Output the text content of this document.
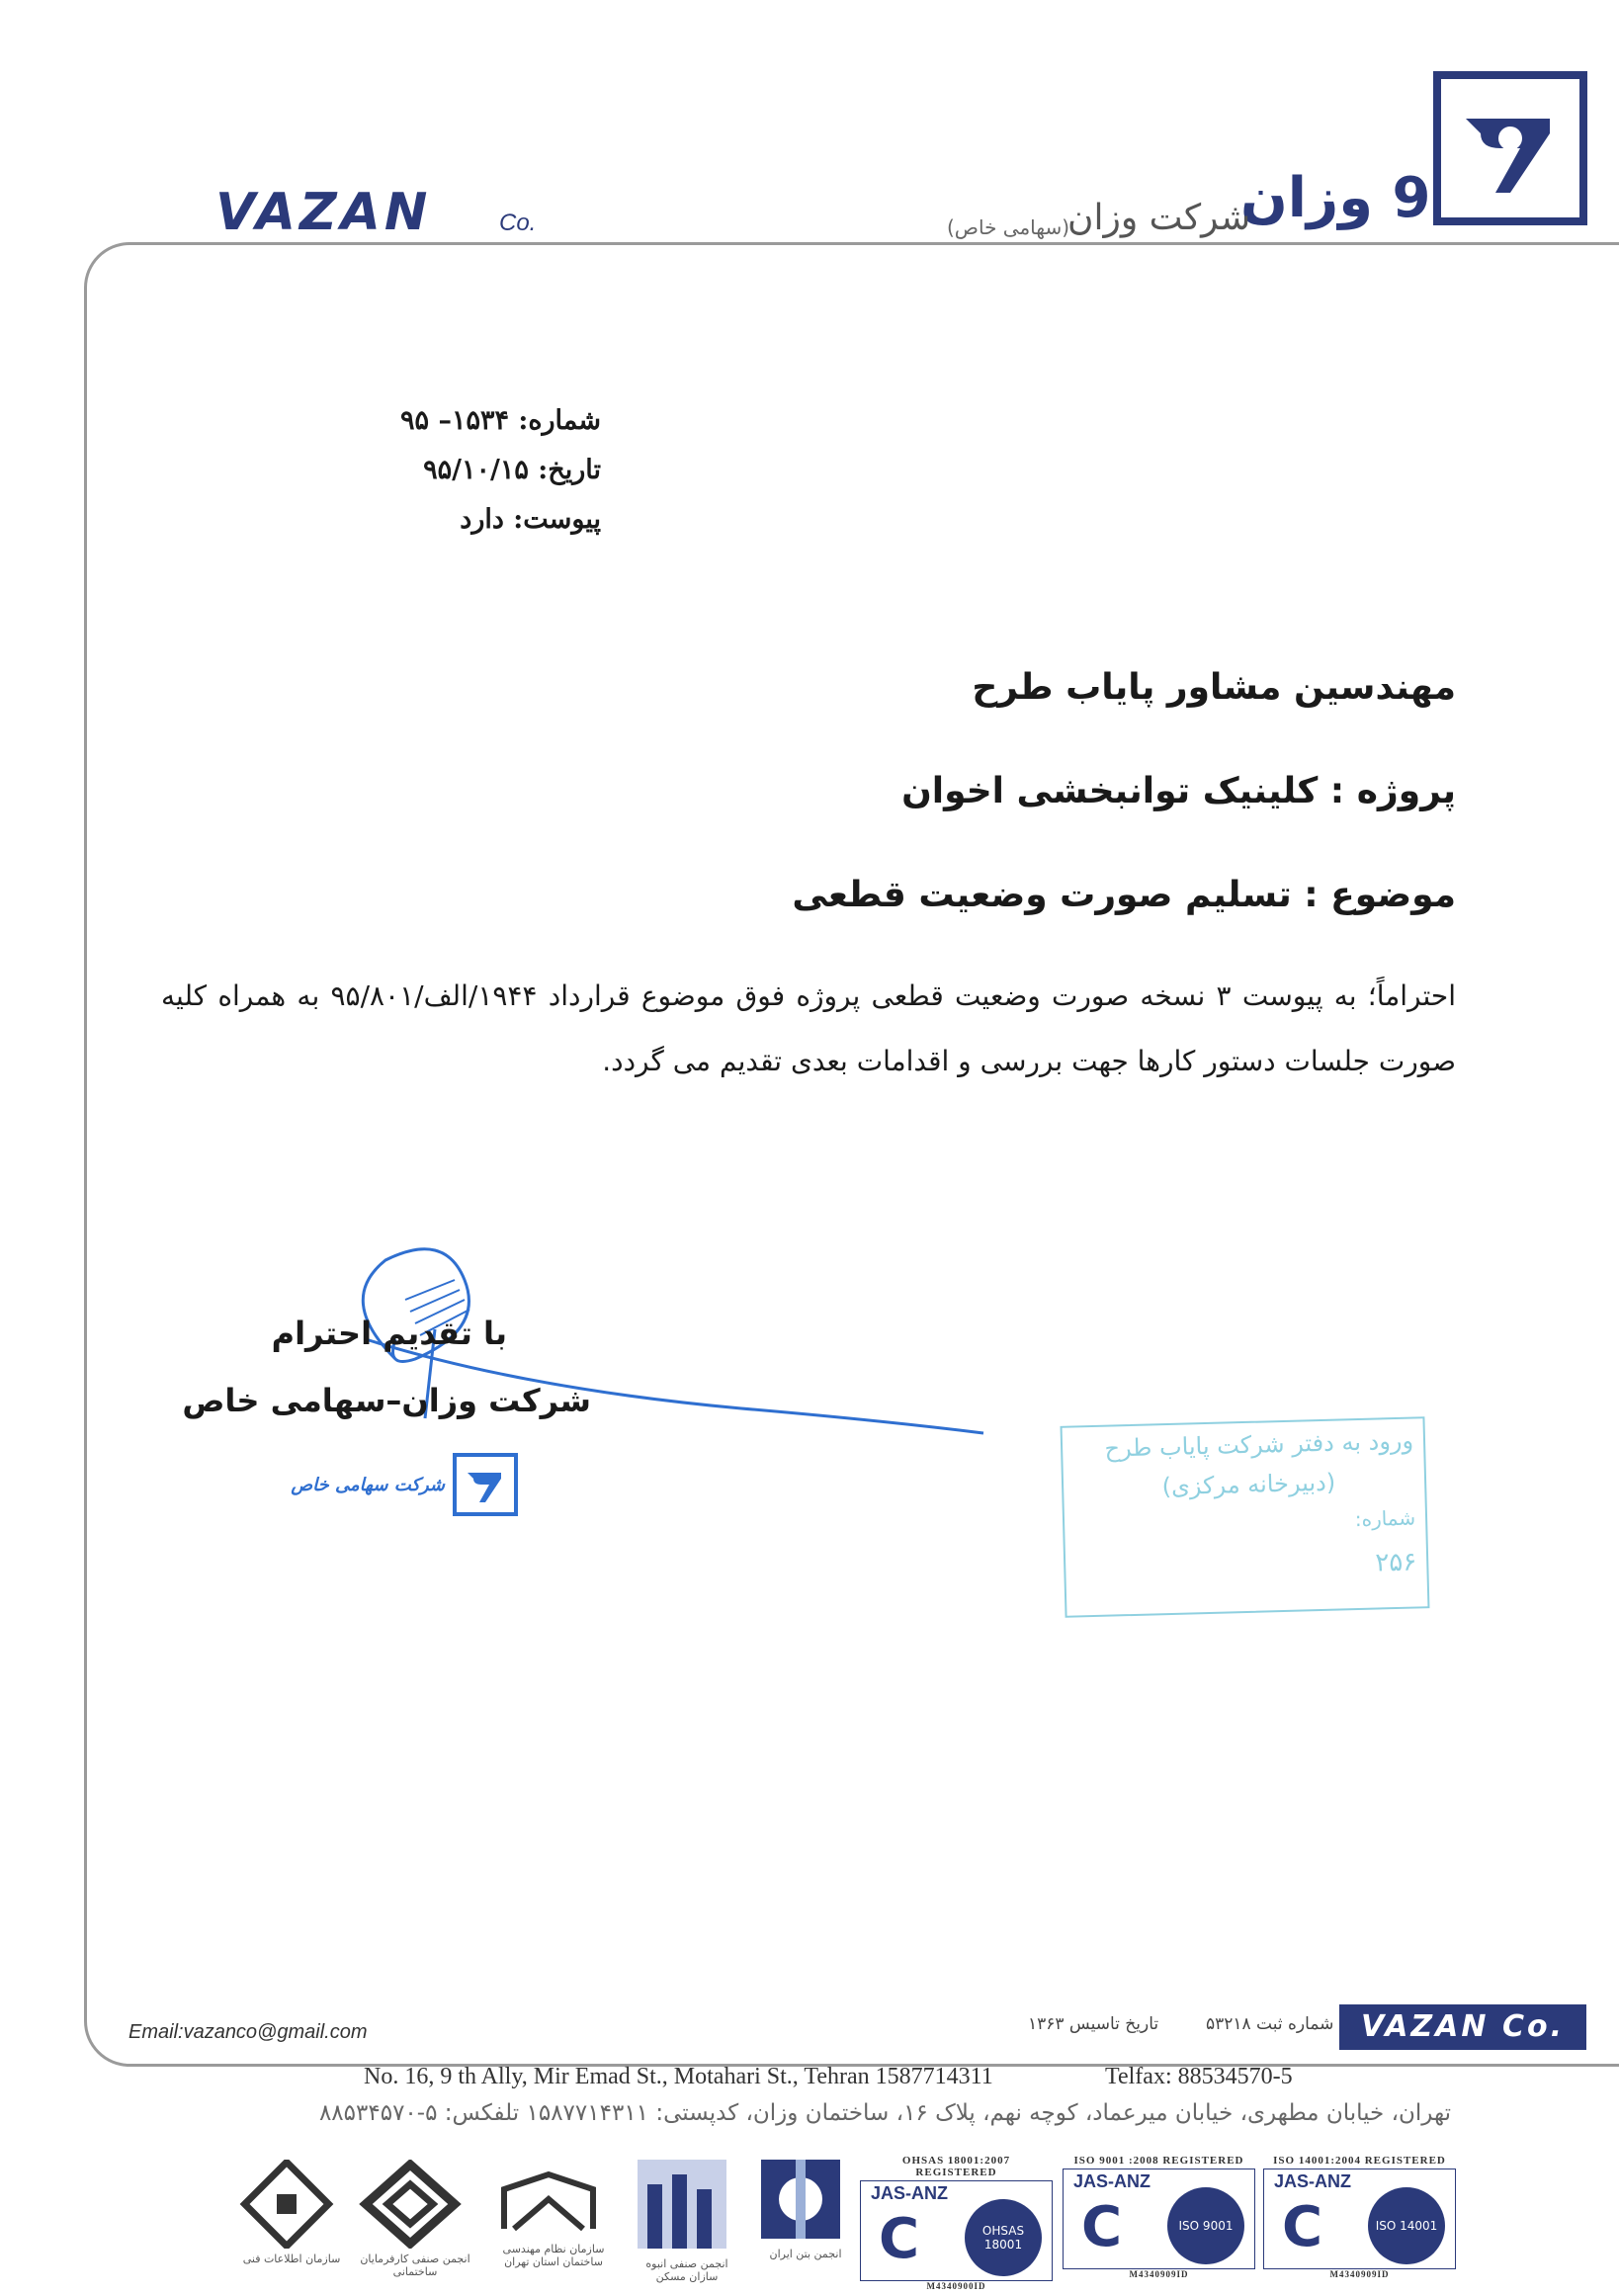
VAZAN	Co.	9 وزان
شرکت وزان
(سهامی خاص)
شماره: ۱۵۳۴– ۹۵
تاریخ: ۹۵/۱۰/۱۵
پیوست: دارد
مهندسین مشاور پایاب طرح
پروژه : کلینیک توانبخشی اخوان
موضوع : تسلیم صورت وضعیت قطعی
احتراماً؛ به پیوست ۳ نسخه صورت وضعیت قطعی پروژه فوق موضوع قرارداد ۱۹۴۴/الف/۹۵/۸۰۱ به همراه کلیه صورت جلسات دستور کارها جهت بررسی و اقدامات بعدی تقدیم می گردد.
با تقدیم احترام
شرکت وزان–سهامی خاص
شرکت سهامی خاص
ورود به دفتر شرکت پایاب طرح
(دبیرخانه مرکزی)
شماره:
۲۵۶
VAZAN Co.
Email:vazanco@gmail.com	شماره ثبت ۵۳۲۱۸
تاریخ تاسیس ۱۳۶۳
No. 16, 9 th Ally, Mir Emad St., Motahari St., Tehran 1587714311	Telfax: 88534570-5
تهران، خیابان مطهری، خیابان میرعماد، کوچه نهم، پلاک ۱۶، ساختمان وزان، کدپستی: ۱۵۸۷۷۱۴۳۱۱ تلفکس: ۵-۸۸۵۳۴۵۷۰
سازمان اطلاعات فنی	انجمن صنفی کارفرمایان ساختمانی
سازمان نظام مهندسی ساختمان استان تهران	انجمن صنفی انبوه سازان مسکن
انجمن بتن ایران
OHSAS 18001:2007 REGISTERED
JAS-ANZ
C	OHSAS 18001
M4340900ID
ISO 9001 :2008 REGISTERED
JAS-ANZ
C	ISO 9001
M4340909ID
ISO 14001:2004 REGISTERED
JAS-ANZ
C	ISO 14001
M4340909ID
